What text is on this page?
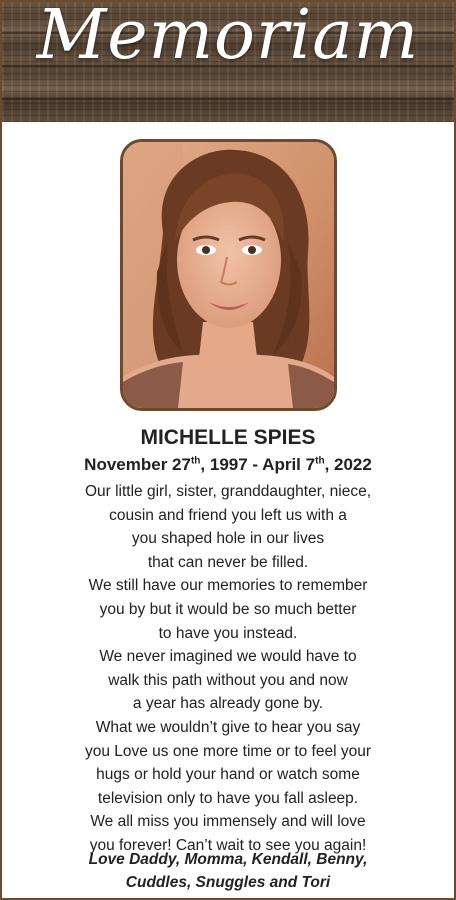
Memoriam
MICHELLE SPIES
November 27th, 1997 - April 7th, 2022
Our little girl, sister, granddaughter, niece,
cousin and friend you left us with a
you shaped hole in our lives
that can never be filled.
We still have our memories to remember
you by but it would be so much better
to have you instead.
We never imagined we would have to
walk this path without you and now
a year has already gone by.
What we wouldn’t give to hear you say
you Love us one more time or to feel your
hugs or hold your hand or watch some
television only to have you fall asleep.
We all miss you immensely and will love
you forever! Can’t wait to see you again!
Love Daddy, Momma, Kendall, Benny,
Cuddles, Snuggles and Tori
